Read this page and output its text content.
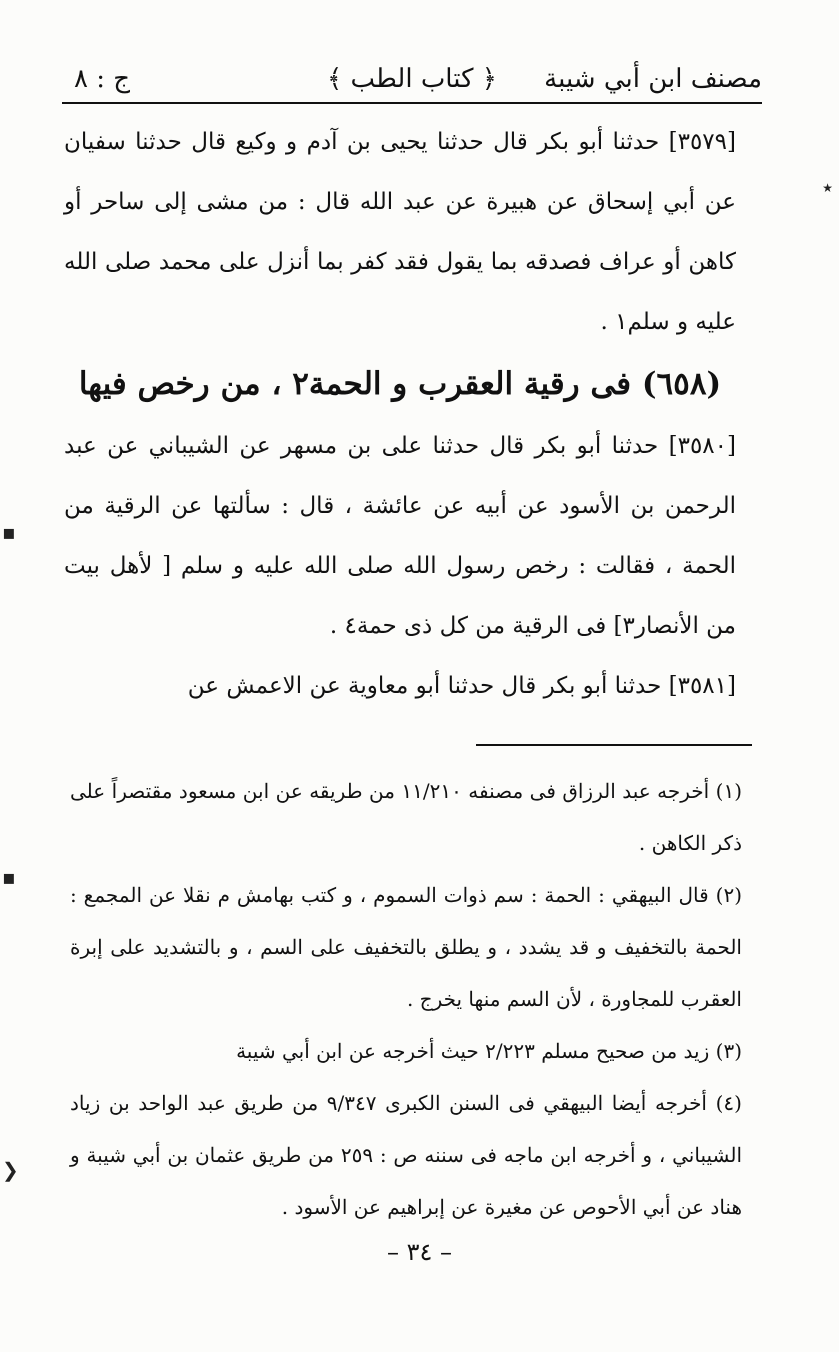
مصنف ابن أبي شيبة
﴿ كتاب الطب ﴾
ج : ٨

[٣٥٧٩] حدثنا أبو بكر قال حدثنا يحيى بن آدم و وكيع قال حدثنا سفيان عن أبي إسحاق عن هبيرة عن عبد الله قال : من مشى إلى ساحر أو كاهن أو عراف فصدقه بما يقول فقد كفر بما أنزل على محمد صلى الله عليه و سلم١ .

(٦٥٨) فى رقية العقرب و الحمة٢ ، من رخص فيها

[٣٥٨٠] حدثنا أبو بكر قال حدثنا على بن مسهر عن الشيباني عن عبد الرحمن بن الأسود عن أبيه عن عائشة ، قال : سألتها عن الرقية من الحمة ، فقالت : رخص رسول الله صلى الله عليه و سلم [ لأهل بيت من الأنصار٣] فى الرقية من كل ذى حمة٤ .

[٣٥٨١] حدثنا أبو بكر قال حدثنا أبو معاوية عن الاعمش عن

(١) أخرجه عبد الرزاق فى مصنفه ١١/٢١٠ من طريقه عن ابن مسعود مقتصراً على ذكر الكاهن .

(٢) قال البيهقي : الحمة : سم ذوات السموم ، و كتب بهامش م نقلا عن المجمع : الحمة بالتخفيف و قد يشدد ، و يطلق بالتخفيف على السم ، و بالتشديد على إبرة العقرب للمجاورة ، لأن السم منها يخرج .

(٣) زيد من صحيح مسلم ٢/٢٢٣ حيث أخرجه عن ابن أبي شيبة

(٤) أخرجه أيضا البيهقي فى السنن الكبرى ٩/٣٤٧ من طريق عبد الواحد بن زياد الشيباني ، و أخرجه ابن ماجه فى سننه ص : ٢٥٩ من طريق عثمان بن أبي شيبة و هناد عن أبي الأحوص عن مغيرة عن إبراهيم عن الأسود .

– ٣٤ –
٭
▪
▪
❮
